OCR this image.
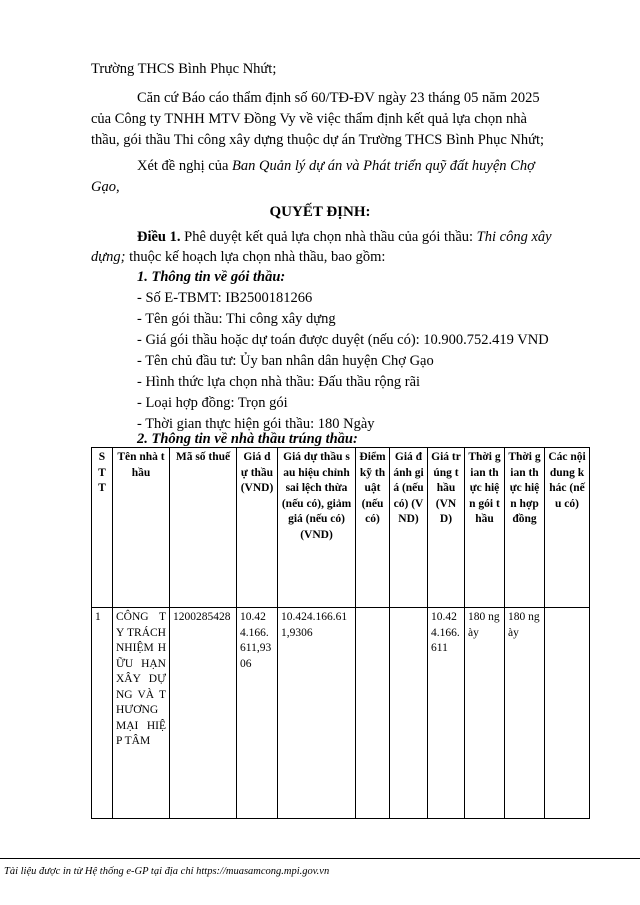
Trường THCS Bình Phục Nhứt;
Căn cứ Báo cáo thẩm định số 60/TĐ-ĐV ngày 23 tháng 05 năm 2025
của Công ty TNHH MTV Đồng Vy về việc thẩm định kết quả lựa chọn nhà
thầu, gói thầu Thi công xây dựng thuộc dự án Trường THCS Bình Phục Nhứt;
Xét đề nghị của Ban Quản lý dự án và Phát triển quỹ đất huyện Chợ
Gạo,
QUYẾT ĐỊNH:
Điều 1. Phê duyệt kết quả lựa chọn nhà thầu của gói thầu: Thi công xây
dựng; thuộc kế hoạch lựa chọn nhà thầu, bao gồm:
1. Thông tin về gói thầu:
- Số E-TBMT: IB2500181266
- Tên gói thầu: Thi công xây dựng
- Giá gói thầu hoặc dự toán được duyệt (nếu có): 10.900.752.419 VND
- Tên chủ đầu tư: Ủy ban nhân dân huyện Chợ Gạo
- Hình thức lựa chọn nhà thầu: Đấu thầu rộng rãi
- Loại hợp đồng: Trọn gói
- Thời gian thực hiện gói thầu: 180 Ngày
2. Thông tin về nhà thầu trúng thầu:
STT	Tên nhà thầu	Mã số thuế	Giá dự thầu (VND)	Giá dự thầu sau hiệu chỉnh sai lệch thừa (nếu có), giảm giá (nếu có) (VND)	Điểm kỹ thuật (nếu có)	Giá đánh giá (nếu có) (VND)	Giá trúng thầu (VND)	Thời gian thực hiện gói thầu	Thời gian thực hiện hợp đồng	Các nội dung khác (nếu có)
1	CÔNG TY TRÁCH NHIỆM HỮU HẠN XÂY DỰNG VÀ THƯƠNG MẠI HIỆP TÂM	1200285428	10.424.166.611,9306	10.424.166.611,9306			10.424.166.611	180 ngày	180 ngày	
Tài liệu được in từ Hệ thống e-GP tại địa chỉ https://muasamcong.mpi.gov.vn
